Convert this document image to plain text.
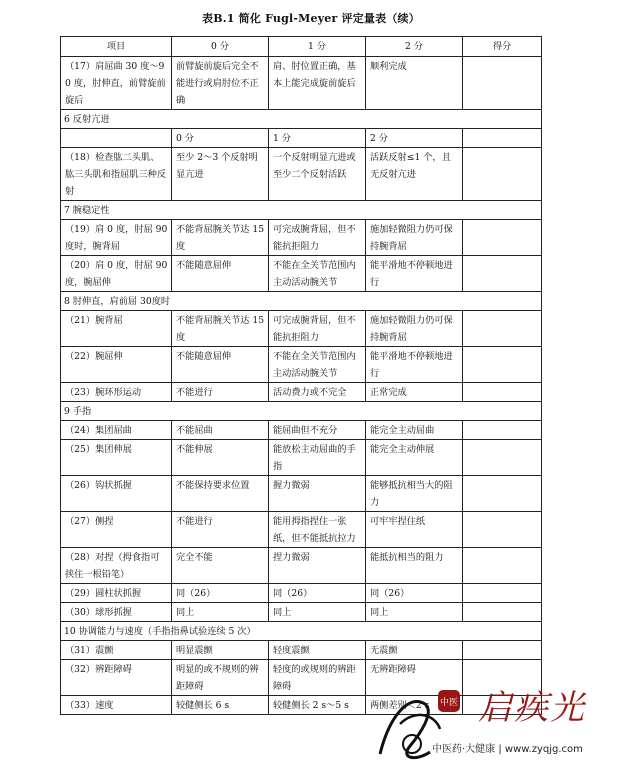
表B.1 简化 Fugl-Meyer 评定量表（续）
项目	0 分	1 分	2 分	得分
（17）肩屈曲 30 度～90 度，肘伸直，前臂旋前旋后	前臂旋前旋后完全不能进行或肩肘位不正确	肩、肘位置正确，基本上能完成旋前旋后	顺利完成	
6 反射亢进				
	0 分	1 分	2 分	
（18）检查肱二头肌、肱三头肌和指屈肌三种反射	至少 2～3 个反射明显亢进	一个反射明显亢进或至少二个反射活跃	活跃反射≤1 个，且无反射亢进	
7 腕稳定性				
（19）肩 0 度，肘屈 90度时，腕背屈	不能背屈腕关节达 15度	可完成腕背屈，但不能抗拒阻力	施加轻微阻力仍可保持腕背屈	
（20）肩 0 度，肘屈 90度，腕屈伸	不能随意屈伸	不能在全关节范围内主动活动腕关节	能平滑地不停顿地进行	
8 肘伸直，肩前屈 30度时				
（21）腕背屈	不能背屈腕关节达 15度	可完成腕背屈，但不能抗拒阻力	施加轻微阻力仍可保持腕背屈	
（22）腕屈伸	不能随意屈伸	不能在全关节范围内主动活动腕关节	能平滑地不停顿地进行	
（23）腕环形运动	不能进行	活动费力或不完全	正常完成	
9 手指				
（24）集团屈曲	不能屈曲	能屈曲但不充分	能完全主动屈曲	
（25）集团伸展	不能伸展	能放松主动屈曲的手指	能完全主动伸展	
（26）钩状抓握	不能保持要求位置	握力微弱	能够抵抗相当大的阻力	
（27）侧捏	不能进行	能用拇指捏住一张纸，但不能抵抗拉力	可牢牢捏住纸	
（28）对捏（拇食指可挟住一根铅笔）	完全不能	捏力微弱	能抵抗相当的阻力	
（29）圆柱状抓握	同（26）	同（26）	同（26）	
（30）球形抓握	同上	同上	同上	
10 协调能力与速度（手指指鼻试验连续 5 次）				
（31）震颤	明显震颤	轻度震颤	无震颤	
（32）辨距障碍	明显的或不规则的辨距障碍	轻度的或规则的辨距障碍	无辨距障碍	
（33）速度	较健侧长 6 s	较健侧长 2 s～5 s	两侧差别＜2 s	中医 启疾光
中医药·大健康 | www.zyqjg.com
